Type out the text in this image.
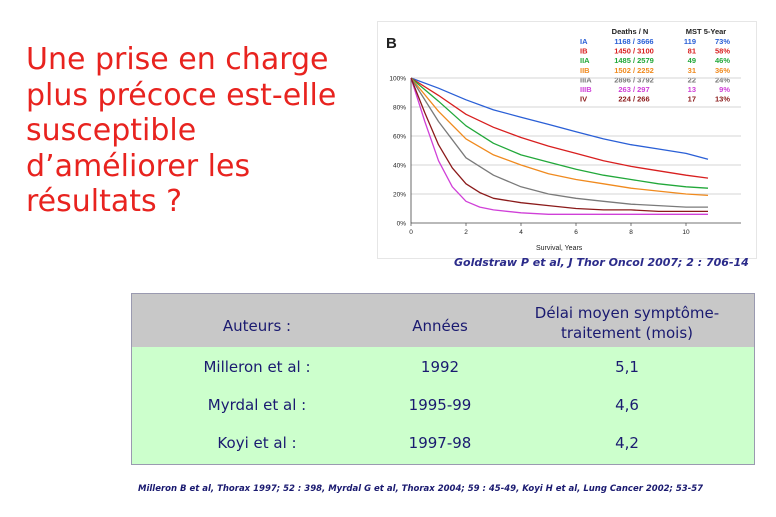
Une prise en charge
plus précoce est-elle
susceptible
d’améliorer les
résultats ?
B
Deaths / N	MST 5-Year
IA	1168 / 3666	119	73%
IB	1450 / 3100	81	58%
IIA	1485 / 2579	49	46%
IIB	1502 / 2252	31	36%
IIIA	2896 / 3792	22	24%
IIIB	263 / 297	13	9%
IV	224 / 266	17	13%
100%
80%
60%
40%
20%
0%
0	2	4	6	8	10
Survival, Years
Goldstraw P et al, J Thor Oncol 2007; 2 : 706-14
Auteurs :	Années
Délai moyen symptôme-
traitement (mois)
Milleron et al :	1992	5,1
Myrdal et al :	1995-99	4,6
Koyi et al :	1997-98	4,2
Milleron B et al, Thorax 1997; 52 : 398, Myrdal G et al, Thorax 2004; 59 : 45-49, Koyi H et al, Lung Cancer 2002; 53-57
